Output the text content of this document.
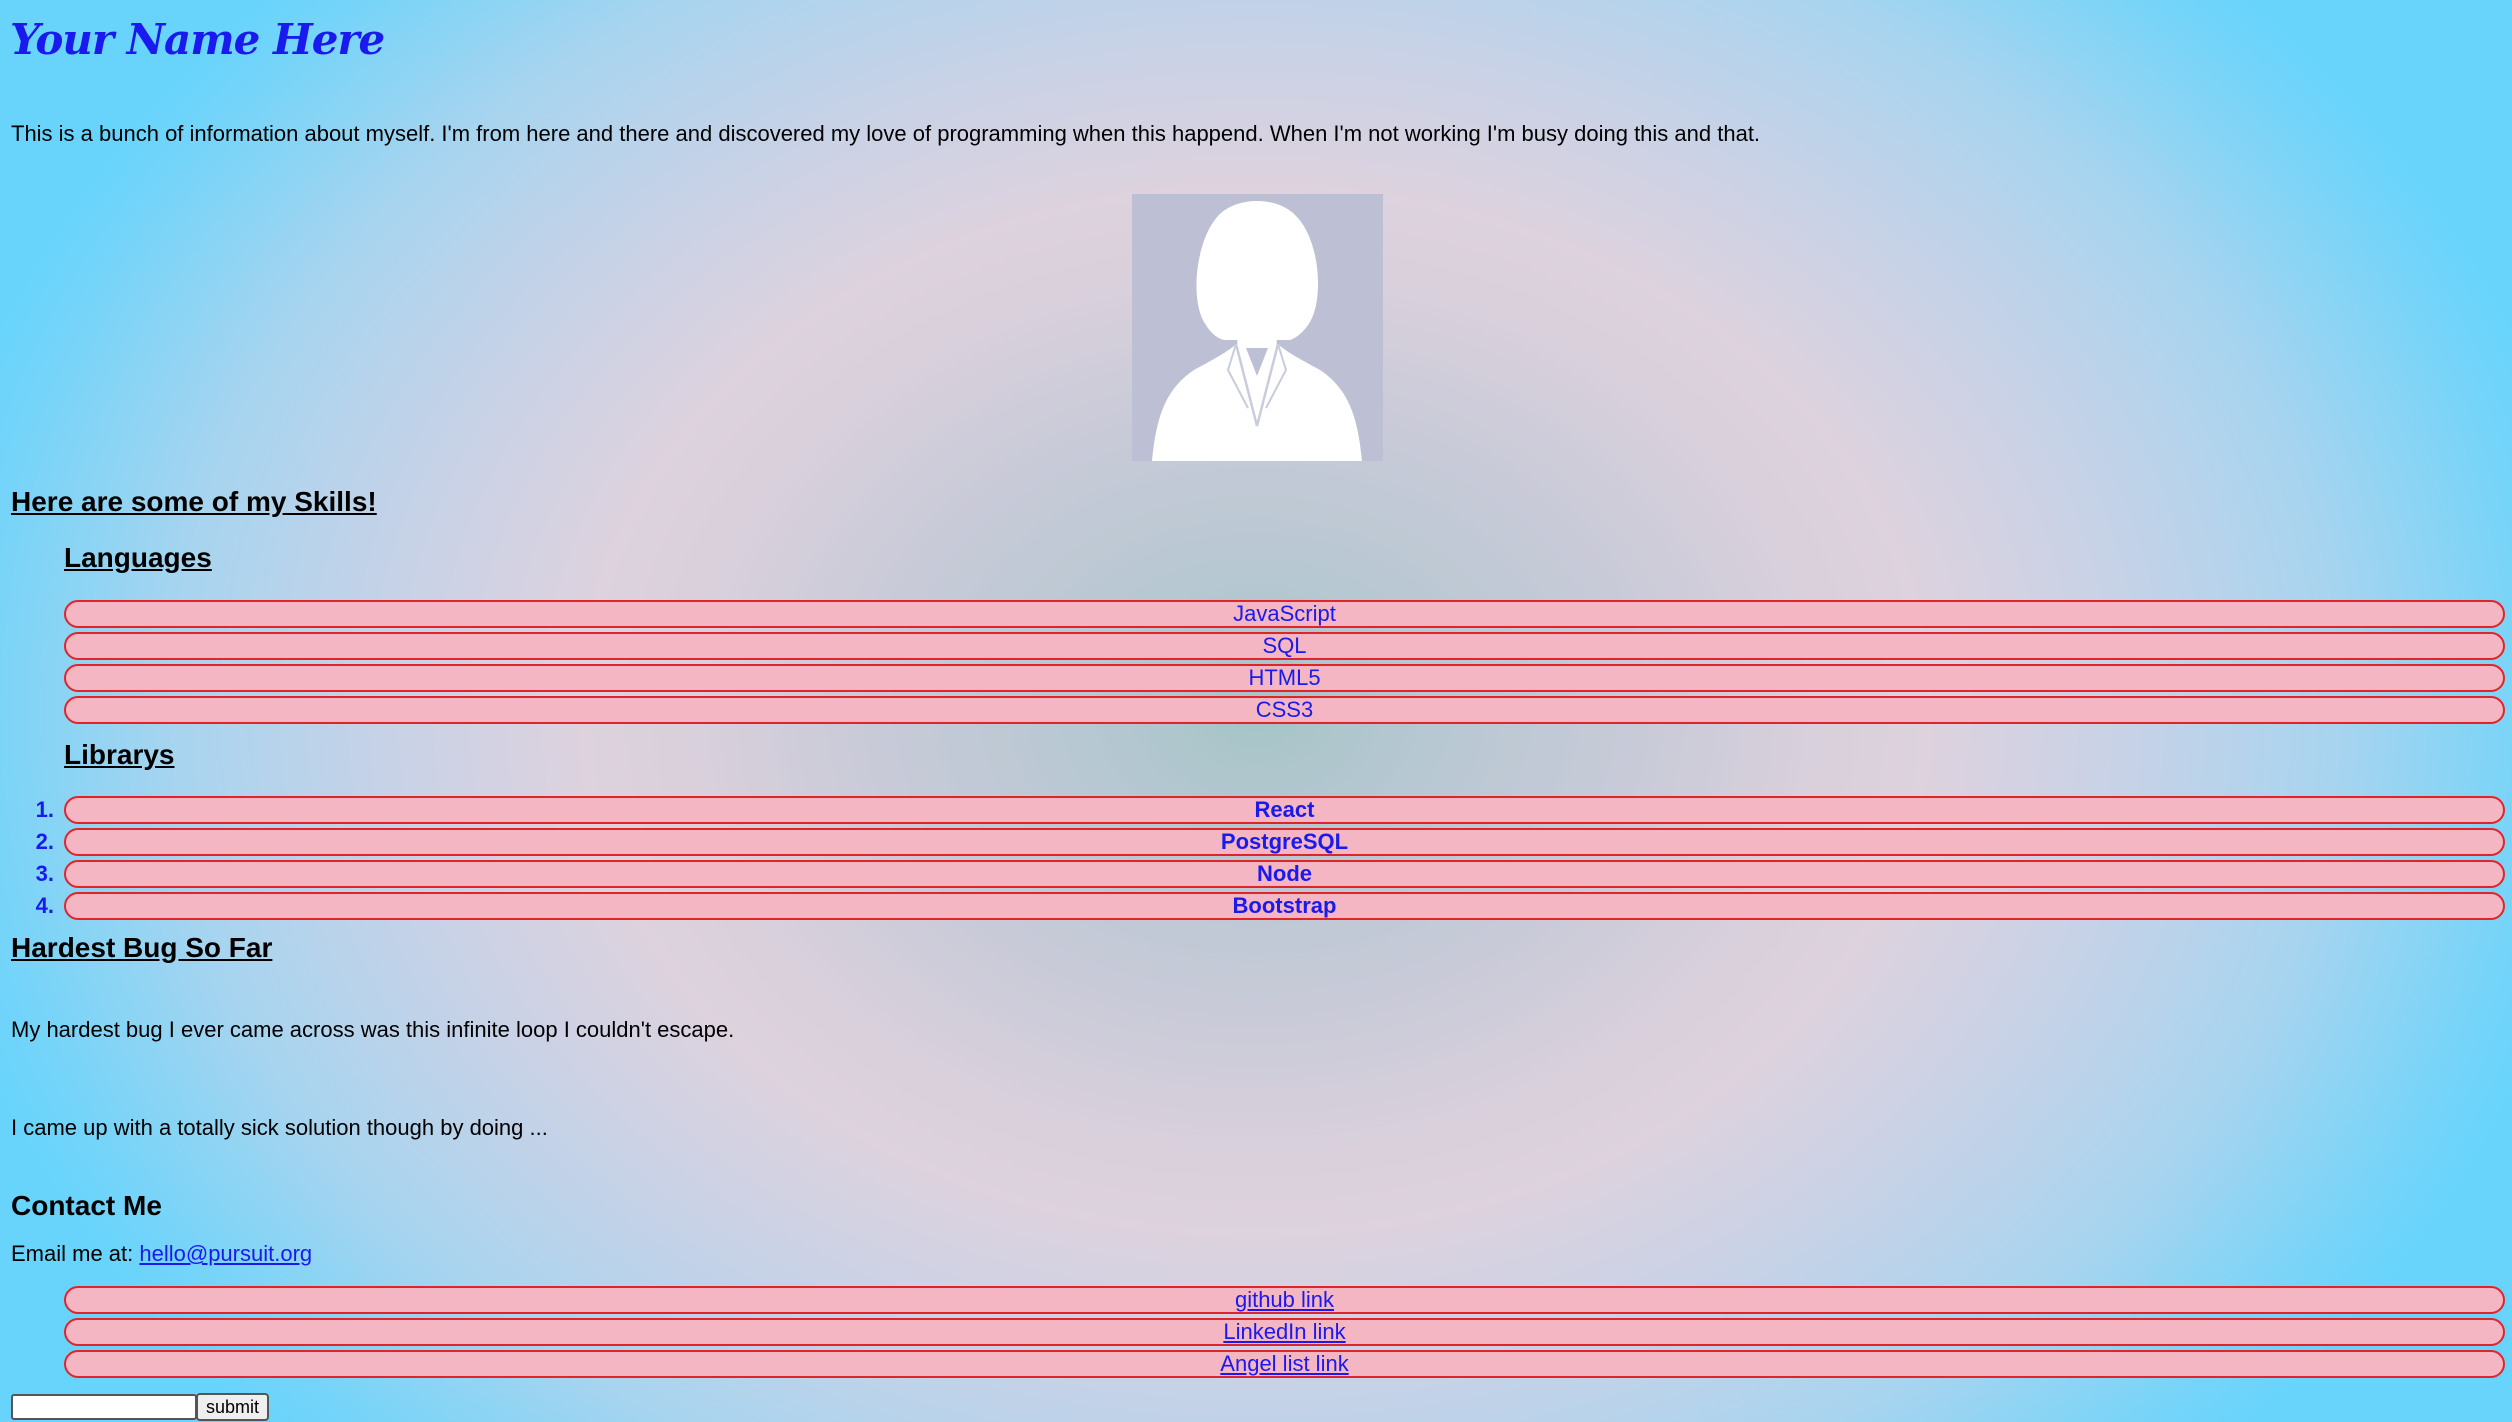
Your Name Here

This is a bunch of information about myself. I'm from here and there and discovered my love of programming when this happend. When I'm not working I'm busy doing this and that.

Here are some of my Skills!
Languages
JavaScript
SQL
HTML5
CSS3
Librarys
1.	React
2.	PostgreSQL
3.	Node
4.	Bootstrap
Hardest Bug So Far

My hardest bug I ever came across was this infinite loop I couldn't escape.

I came up with a totally sick solution though by doing ...

Contact Me

Email me at: hello@pursuit.org

github link
LinkedIn link
Angel list link
submit
